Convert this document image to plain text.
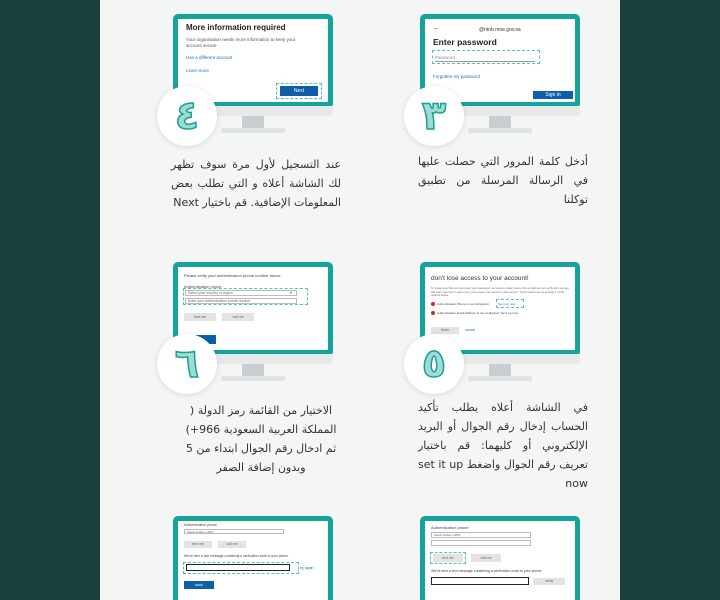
←	@ntnb.moe.gov.sa
Enter password
Password
Forgotten my password
Sign in
٣
أدخل كلمة المرور التي حصلت عليها في الرسالة المرسلة من تطبيق توكلنا
More information required
Your organisation needs more information to keep your account secure
Use a different account
Learn more
Next
٤
عند التسجيل لأول مرة سوف تظهر لك الشاشة أعلاه و التي تطلب بعض المعلومات الإضافية. قم باختيار Next
don't lose access to your account!
To make sure that you can reset your password, we need to collect some info so that we can verify who you are. We won't use this to spam you, just to keep your account more secure. You'll need to set up at least 1 of the options below.
Authentication Phone is not configured.	Set it up now
Authentication Email Address is not configured. Set it up now
finish	cancel
٥
في الشاشة أعلاه يطلب تأكيد الحساب إدخال رقم الجوال أو البريد الإلكتروني أو كليهما: قم باختيار تعريف رقم الجوال واضغط set it up now
Please verify your authentication phone number below.
Authentication phone
Select your country or region	▾
Enter your authentication phone number
text me	call me
٦
الاختيار من القائمة رمز الدولة ( المملكة العربية السعودية 966+) ثم ادخال رقم الجوال ابتداء من 5 وبدون إضافة الصفر
Authentication phone
Saudi Arabia (+966)
text me	call me
We've sent a text message containing a verification code to your phone.
verify
Authentication phone
Saudi Arabia (+966)
text me	call me
We've sent a text message containing a verification code to your phone.
try again
back
